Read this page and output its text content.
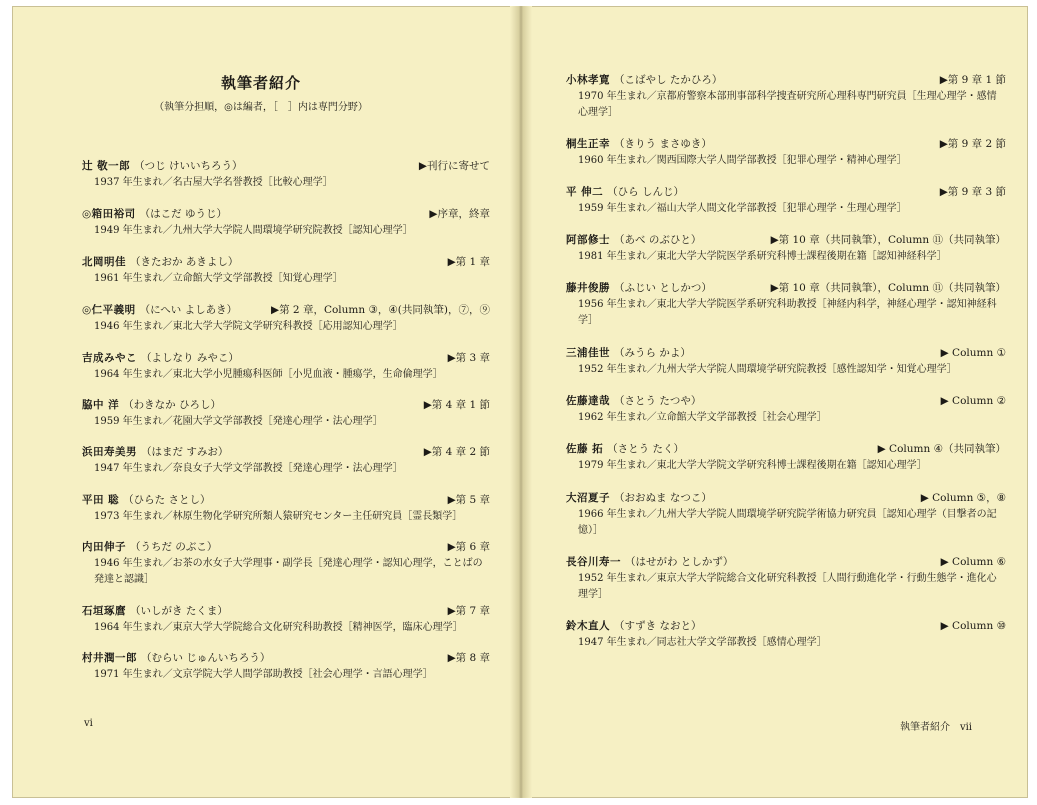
執筆者紹介
（執筆分担順，◎は編者，［　］内は専門分野）
辻 敬一郎 （つじ けいいちろう）	▶刊行に寄せて
1937 年生まれ／名古屋大学名誉教授［比較心理学］
◎箱田裕司 （はこだ ゆうじ）	▶序章，終章
1949 年生まれ／九州大学大学院人間環境学研究院教授［認知心理学］
北岡明佳 （きたおか あきよし）	▶第 1 章
1961 年生まれ／立命館大学文学部教授［知覚心理学］
◎仁平義明 （にへい よしあき）	▶第 2 章，Column ③，④(共同執筆)，⑦，⑨
1946 年生まれ／東北大学大学院文学研究科教授［応用認知心理学］
吉成みやこ （よしなり みやこ）	▶第 3 章
1964 年生まれ／東北大学小児腫瘍科医師［小児血液・腫瘍学，生命倫理学］
脇中 洋 （わきなか ひろし）	▶第 4 章 1 節
1959 年生まれ／花園大学文学部教授［発達心理学・法心理学］
浜田寿美男 （はまだ すみお）	▶第 4 章 2 節
1947 年生まれ／奈良女子大学文学部教授［発達心理学・法心理学］
平田 聡 （ひらた さとし）	▶第 5 章
1973 年生まれ／林原生物化学研究所類人猿研究センター主任研究員［霊長類学］
内田伸子 （うちだ のぶこ）	▶第 6 章
1946 年生まれ／お茶の水女子大学理事・副学長［発達心理学・認知心理学，ことばの発達と認識］
石垣琢麿 （いしがき たくま）	▶第 7 章
1964 年生まれ／東京大学大学院総合文化研究科助教授［精神医学，臨床心理学］
村井潤一郎 （むらい じゅんいちろう）	▶第 8 章
1971 年生まれ／文京学院大学人間学部助教授［社会心理学・言語心理学］
vi
小林孝寛 （こばやし たかひろ）	▶第 9 章 1 節
1970 年生まれ／京都府警察本部刑事部科学捜査研究所心理科専門研究員［生理心理学・感情心理学］
桐生正幸 （きりう まさゆき）	▶第 9 章 2 節
1960 年生まれ／関西国際大学人間学部教授［犯罪心理学・精神心理学］
平 伸二 （ひら しんじ）	▶第 9 章 3 節
1959 年生まれ／福山大学人間文化学部教授［犯罪心理学・生理心理学］
阿部修士 （あべ のぶひと）	▶第 10 章（共同執筆），Column ⑪（共同執筆）
1981 年生まれ／東北大学大学院医学系研究科博士課程後期在籍［認知神経科学］
藤井俊勝 （ふじい としかつ）	▶第 10 章（共同執筆），Column ⑪（共同執筆）
1956 年生まれ／東北大学大学院医学系研究科助教授［神経内科学，神経心理学・認知神経科学］
三浦佳世 （みうら かよ）	▶ Column ①
1952 年生まれ／九州大学大学院人間環境学研究院教授［感性認知学・知覚心理学］
佐藤達哉 （さとう たつや）	▶ Column ②
1962 年生まれ／立命館大学文学部教授［社会心理学］
佐藤 拓 （さとう たく）	▶ Column ④（共同執筆）
1979 年生まれ／東北大学大学院文学研究科博士課程後期在籍［認知心理学］
大沼夏子 （おおぬま なつこ）	▶ Column ⑤，⑧
1966 年生まれ／九州大学大学院人間環境学研究院学術協力研究員［認知心理学（目撃者の記憶）］
長谷川寿一 （はせがわ としかず）	▶ Column ⑥
1952 年生まれ／東京大学大学院総合文化研究科教授［人間行動進化学・行動生態学・進化心理学］
鈴木直人 （すずき なおと）	▶ Column ⑩
1947 年生まれ／同志社大学文学部教授［感情心理学］
執筆者紹介　vii
